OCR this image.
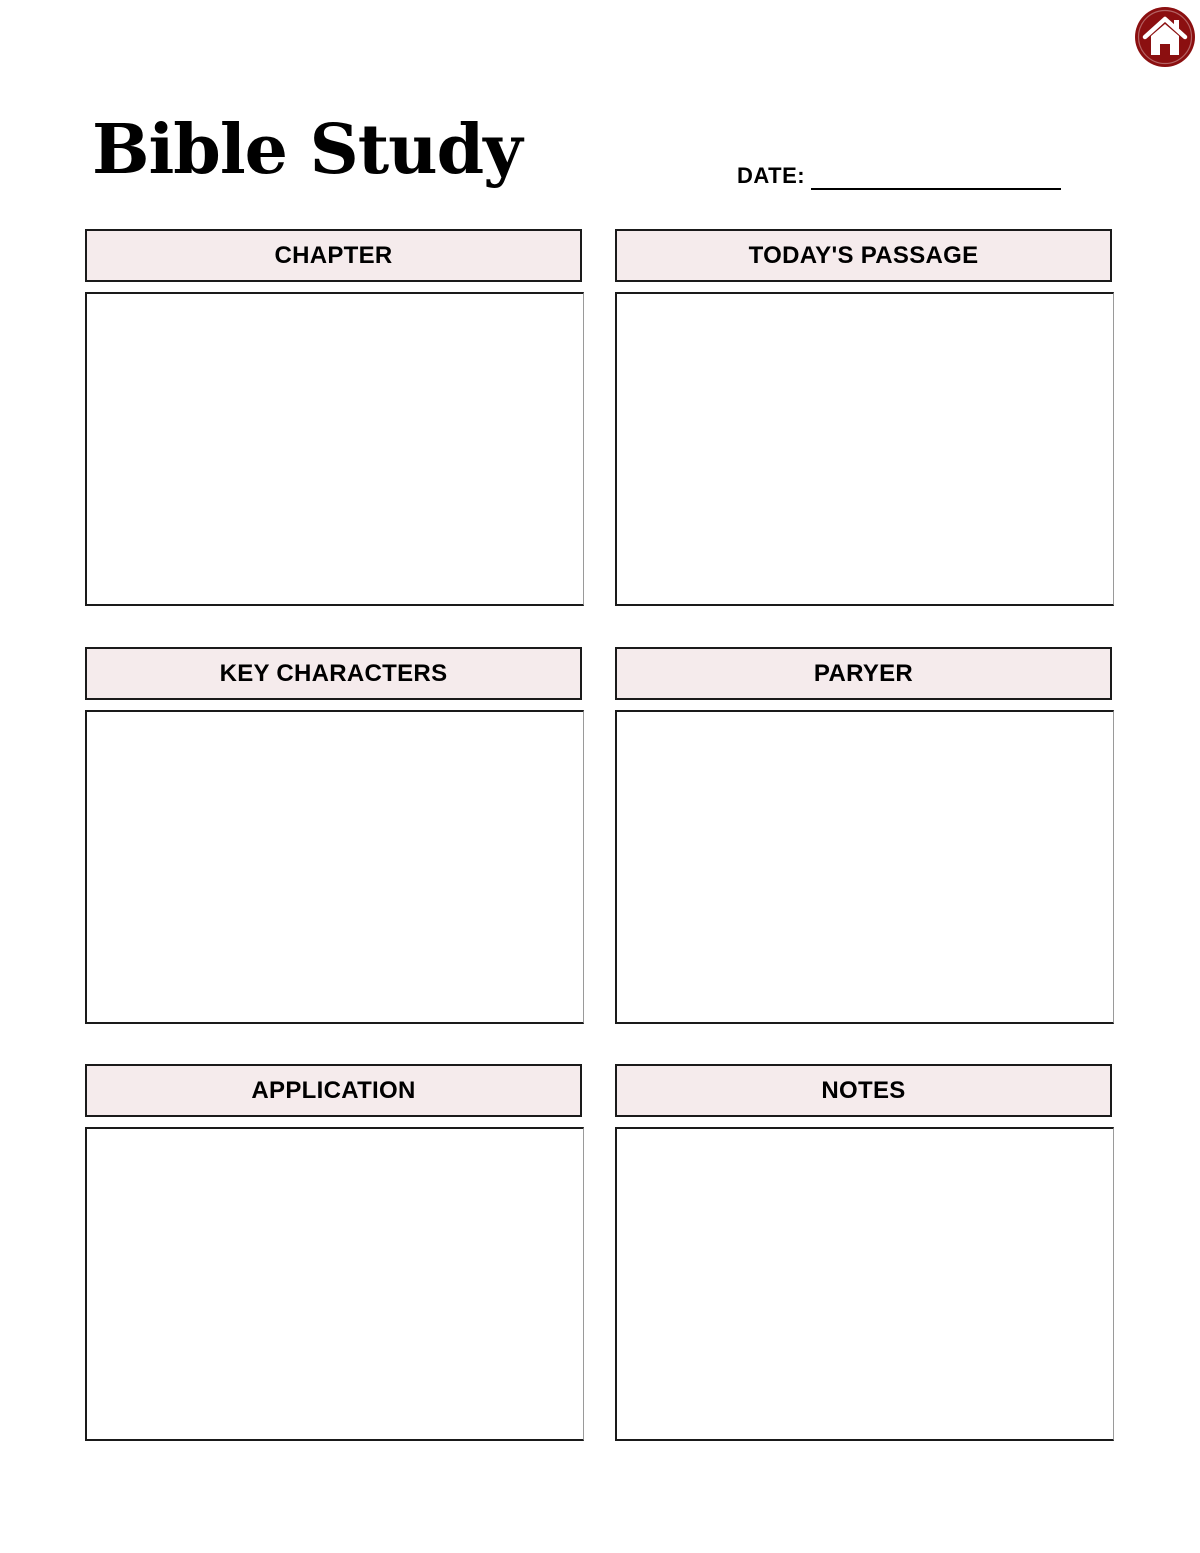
Bible Study	DATE:
CHAPTER	TODAY'S PASSAGE
KEY CHARACTERS	PARYER
APPLICATION	NOTES
